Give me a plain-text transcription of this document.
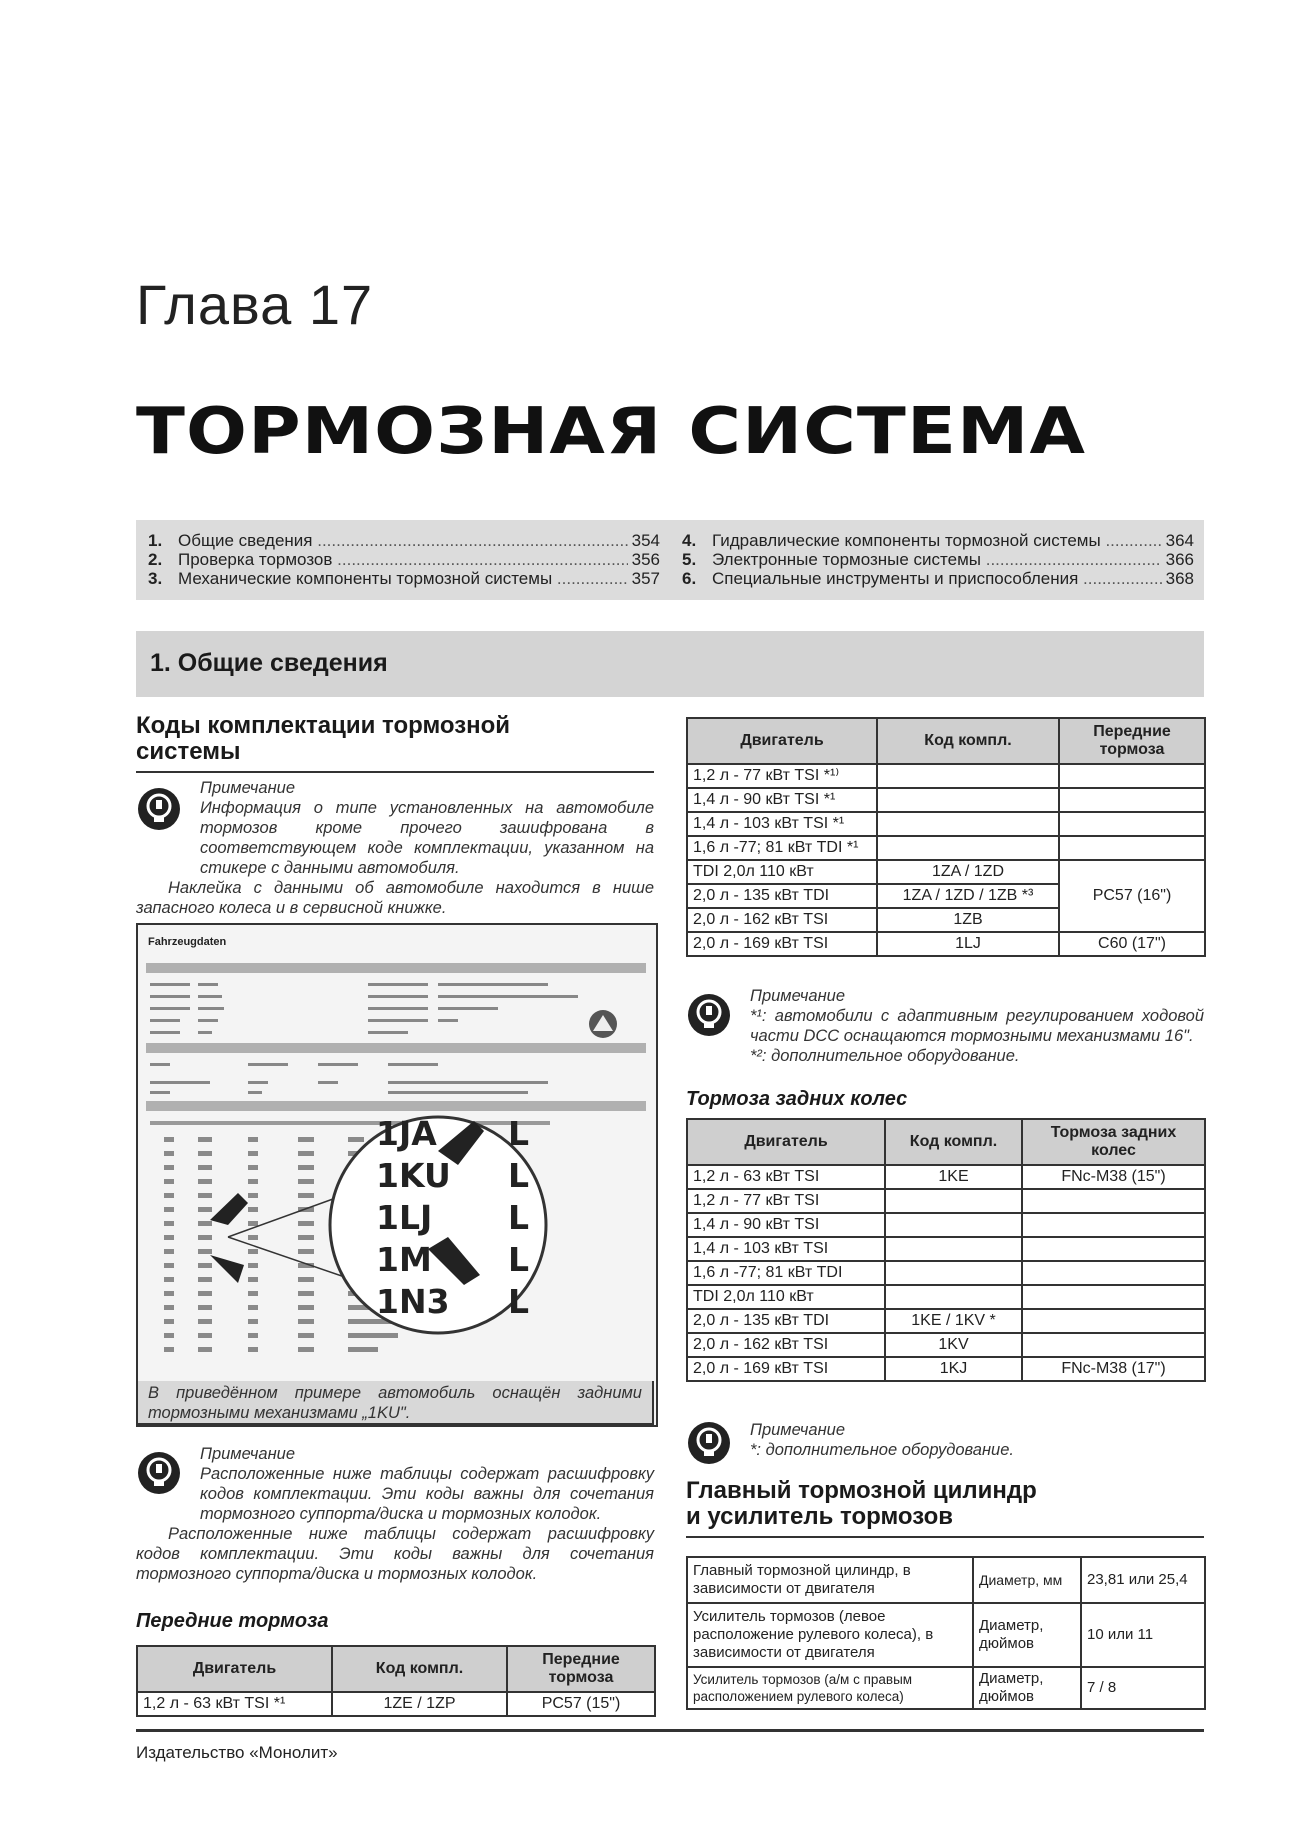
Глава 17
ТОРМОЗНАЯ СИСТЕМА
1. Общие сведения .....	354
2. Проверка тормозов .....	356
3. Механические компоненты тормозной системы .....	357
4. Гидравлические компоненты тормозной системы .....	364
5. Электронные тормозные системы .....	366
6. Специальные инструменты и приспособления .....	368
1. Общие сведения
Коды комплектации тормозной
системы

Примечание

Информация о типе установленных на автомобиле тормозов кроме прочего зашифрована в соответствующем коде комплектации, указанном на стикере с данными автомобиля.

Наклейка с данными об автомобиле находится в нише запасного колеса и в сервисной книжке.

Fahrzeugdaten
1JA
1KU
1LJ
1M
1N3
L
L
L
L
L
В приведённом примере автомобиль оснащён задними тормозными механизмами „1KU".

Примечание

Расположенные ниже таблицы содержат расшифровку кодов комплектации. Эти коды важны для сочетания тормозного суппорта/диска и тормозных колодок.

Расположенные ниже таблицы содержат расшифровку кодов комплектации. Эти коды важны для сочетания тормозного суппорта/диска и тормозных колодок.

Передние тормоза
Двигатель	Код компл.	Передние тормоза
1,2 л - 63 кВт TSI *¹	1ZE / 1ZP	PC57 (15")
Двигатель	Код компл.	Передние тормоза
1,2 л - 77 кВт TSI *¹⁾		
1,4 л - 90 кВт TSI *¹		
1,4 л - 103 кВт TSI *¹		
1,6 л -77; 81 кВт TDI *¹		
TDI 2,0л 110 кВт	1ZA / 1ZD	PC57 (16")
2,0 л - 135 кВт TDI	1ZA / 1ZD / 1ZB *³	
2,0 л - 162 кВт TSI	1ZB	
2,0 л - 169 кВт TSI	1LJ	C60 (17")

Примечание

*¹: автомобили с адаптивным регулированием ходовой части DCC оснащаются тормозными механизмами 16".

*²: дополнительное оборудование.

Тормоза задних колес
Двигатель	Код компл.	Тормоза задних колес
1,2 л - 63 кВт TSI	1KE	FNc-M38 (15")
1,2 л - 77 кВт TSI		
1,4 л - 90 кВт TSI		
1,4 л - 103 кВт TSI		
1,6 л -77; 81 кВт TDI		
TDI 2,0л 110 кВт		
2,0 л - 135 кВт TDI	1KE / 1KV *	
2,0 л - 162 кВт TSI	1KV	
2,0 л - 169 кВт TSI	1KJ	FNc-M38 (17")

Примечание

*: дополнительное оборудование.

Главный тормозной цилиндр
и усилитель тормозов
Главный тормозной цилиндр, в зависимости от двигателя	Диаметр, мм	23,81 или 25,4
Усилитель тормозов (левое расположение рулевого колеса), в зависимости от двигателя	Диаметр, дюймов	10 или 11
Усилитель тормозов (а/м с правым расположением рулевого колеса)	Диаметр, дюймов	7 / 8
Издательство «Монолит»
